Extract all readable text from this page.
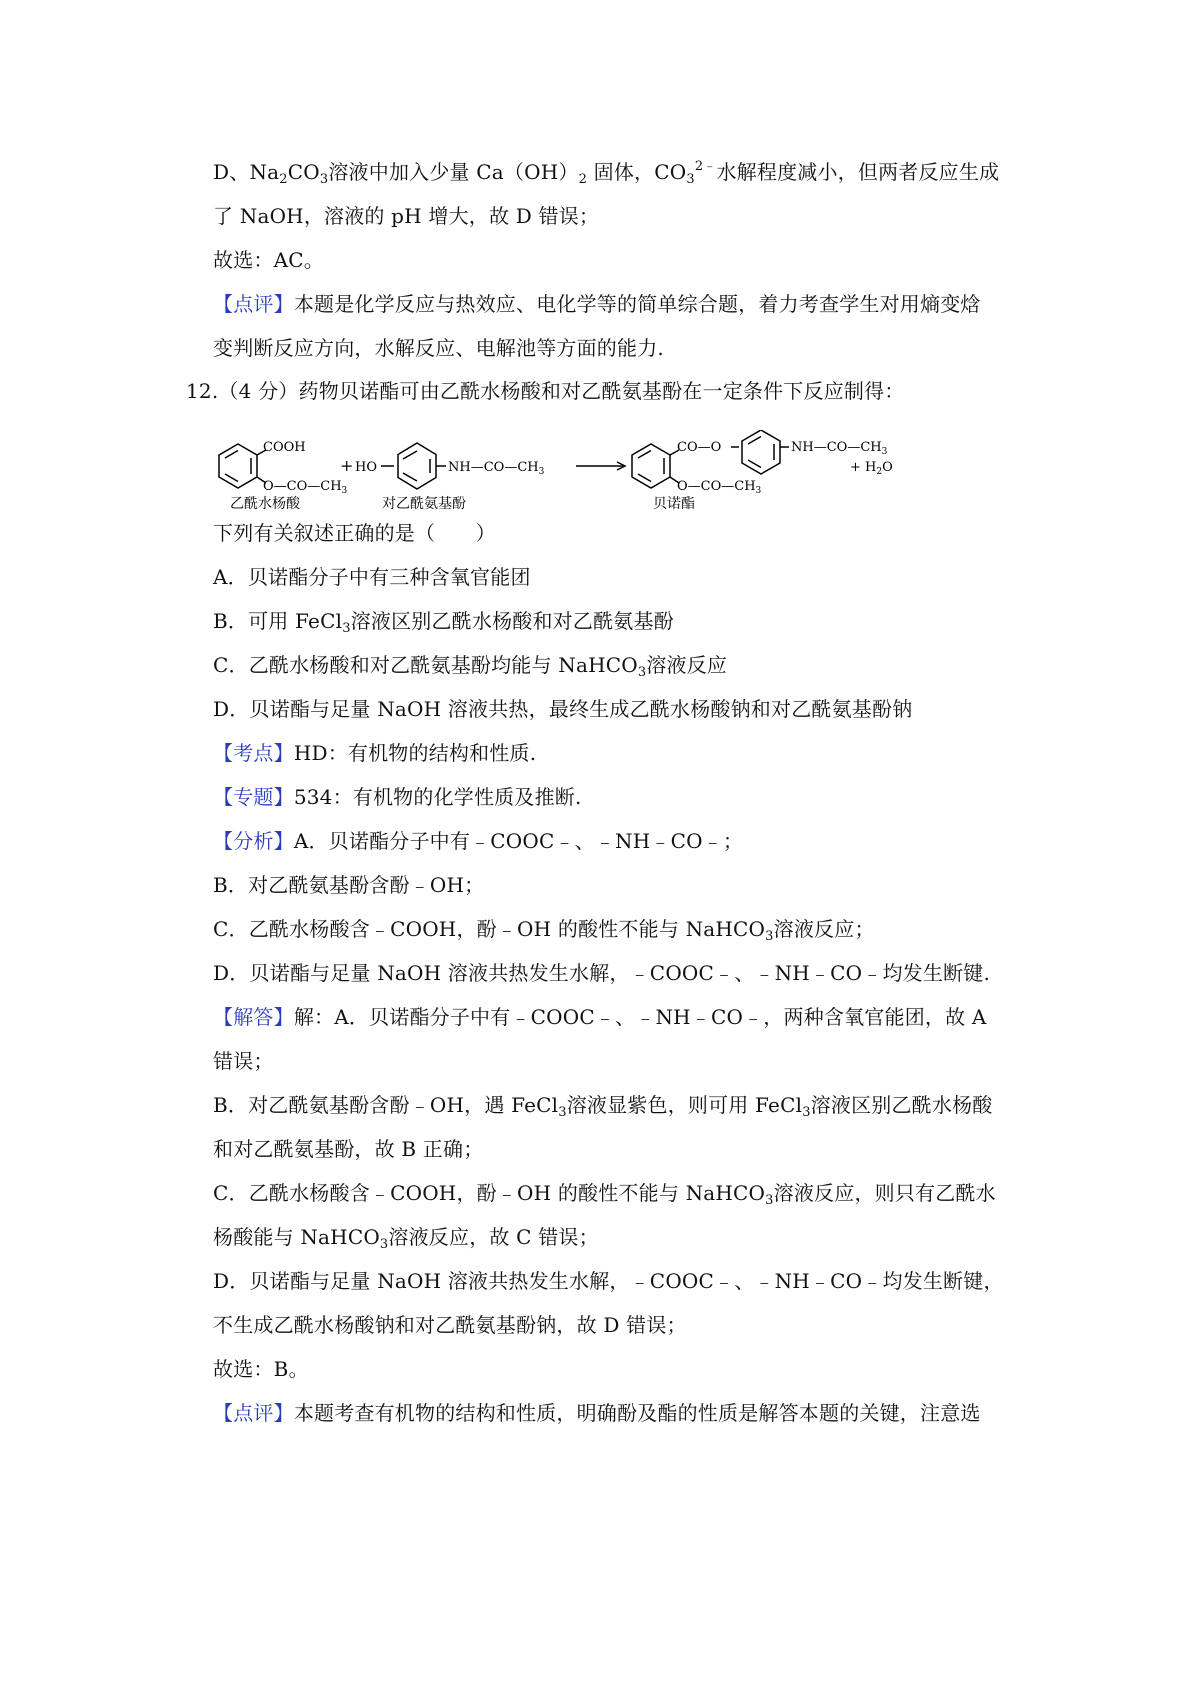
D、$Na_2CO_3$溶液中加入少量 $Ca(OH)_2$ 固体，$CO_3^{2﹣}$水解程度减小，但两者反应生成
了 NaOH，溶液的 pH 增大，故 D 错误；
故选：AC。
【点评】本题是化学反应与热效应、电化学等的简单综合题，着力考查学生对用熵变焓
变判断反应方向，水解反应、电解池等方面的能力.
12.（4 分）药物贝诺酯可由乙酰水杨酸和对乙酰氨基酚在一定条件下反应制得：
COOH
$O—CO—CH_3$
+ HO	$NH—CO—CH_3$
CO—O
$O—CO—CH_3$
$NH—CO—CH_3$
+ $H_2O$
乙酰水杨酸	对乙酰氨基酚	贝诺酯
下列有关叙述正确的是（　　）
A．贝诺酯分子中有三种含氧官能团
B．可用 FeCl$_3$溶液区别乙酰水杨酸和对乙酰氨基酚
C．乙酰水杨酸和对乙酰氨基酚均能与 NaHCO$_3$溶液反应
D．贝诺酯与足量 NaOH 溶液共热，最终生成乙酰水杨酸钠和对乙酰氨基酚钠
【考点】HD：有机物的结构和性质.
【专题】534：有机物的化学性质及推断.
【分析】A．贝诺酯分子中有﹣COOC﹣、﹣NH﹣CO﹣；
B．对乙酰氨基酚含酚﹣OH；
C．乙酰水杨酸含﹣COOH，酚﹣OH 的酸性不能与 NaHCO$_3$溶液反应；
D．贝诺酯与足量 NaOH 溶液共热发生水解，﹣COOC﹣、﹣NH﹣CO﹣均发生断键.
【解答】解：A．贝诺酯分子中有﹣COOC﹣、﹣NH﹣CO﹣，两种含氧官能团，故 A
错误；
B．对乙酰氨基酚含酚﹣OH，遇 FeCl$_3$溶液显紫色，则可用 FeCl$_3$溶液区别乙酰水杨酸
和对乙酰氨基酚，故 B 正确；
C．乙酰水杨酸含﹣COOH，酚﹣OH 的酸性不能与 NaHCO$_3$溶液反应，则只有乙酰水
杨酸能与 NaHCO$_3$溶液反应，故 C 错误；
D．贝诺酯与足量 NaOH 溶液共热发生水解，﹣COOC﹣、﹣NH﹣CO﹣均发生断键，
不生成乙酰水杨酸钠和对乙酰氨基酚钠，故 D 错误；
故选：B。
【点评】本题考查有机物的结构和性质，明确酚及酯的性质是解答本题的关键，注意选
